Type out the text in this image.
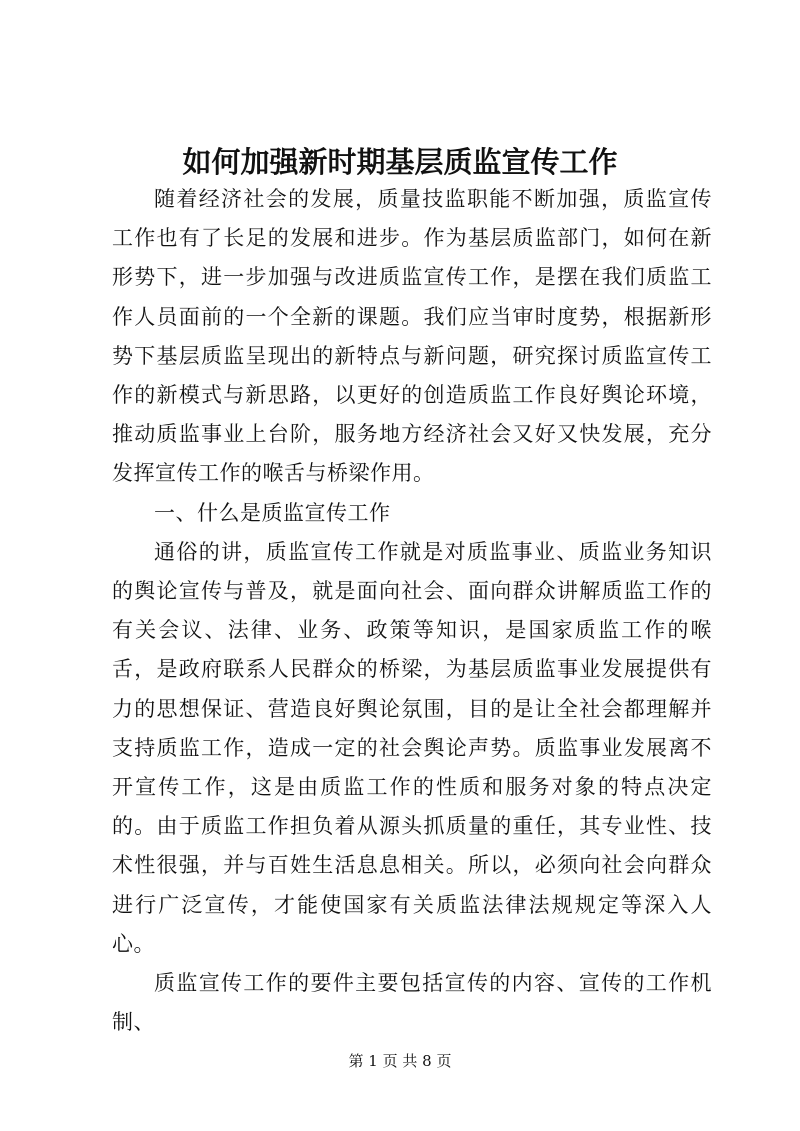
如何加强新时期基层质监宣传工作

随着经济社会的发展，质量技监职能不断加强，质监宣传工作也有了长足的发展和进步。作为基层质监部门，如何在新形势下，进一步加强与改进质监宣传工作，是摆在我们质监工作人员面前的一个全新的课题。我们应当审时度势，根据新形势下基层质监呈现出的新特点与新问题，研究探讨质监宣传工作的新模式与新思路，以更好的创造质监工作良好舆论环境，推动质监事业上台阶，服务地方经济社会又好又快发展，充分发挥宣传工作的喉舌与桥梁作用。

一、什么是质监宣传工作

通俗的讲，质监宣传工作就是对质监事业、质监业务知识的舆论宣传与普及，就是面向社会、面向群众讲解质监工作的有关会议、法律、业务、政策等知识，是国家质监工作的喉舌，是政府联系人民群众的桥梁，为基层质监事业发展提供有力的思想保证、营造良好舆论氛围，目的是让全社会都理解并支持质监工作，造成一定的社会舆论声势。质监事业发展离不开宣传工作，这是由质监工作的性质和服务对象的特点决定的。由于质监工作担负着从源头抓质量的重任，其专业性、技术性很强，并与百姓生活息息相关。所以，必须向社会向群众进行广泛宣传，才能使国家有关质监法律法规规定等深入人心。

质监宣传工作的要件主要包括宣传的内容、宣传的工作机制、

第 1 页 共 8 页
